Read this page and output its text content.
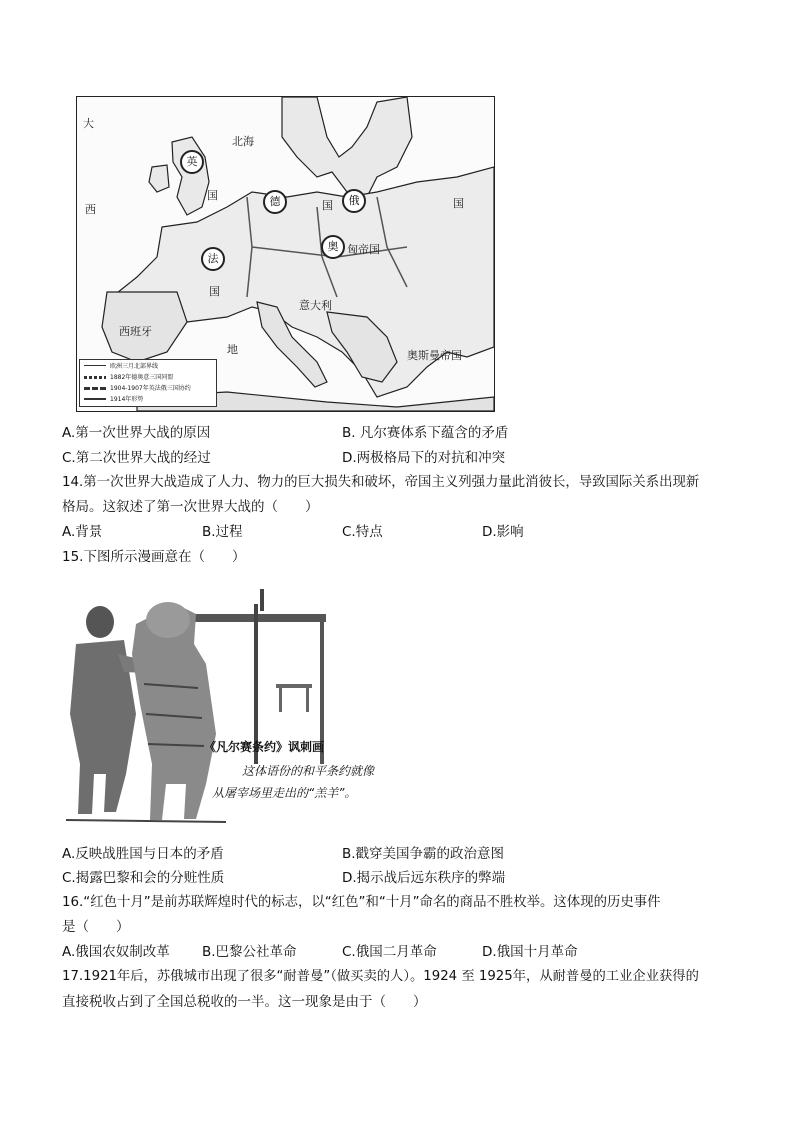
大
西
北海
英
国	德	国	俄	国
奥 匈帝国
法
国
西班牙
意大利
奥斯曼帝国
地
欧洲三月北部界线
1882年德奥意三国同盟
1904-1907年英法俄三国协约
1914年形势
A.第一次世界大战的原因	B. 凡尔赛体系下蕴含的矛盾
C.第二次世界大战的经过	D.两极格局下的对抗和冲突
14.第一次世界大战造成了人力、物力的巨大损失和破坏，帝国主义列强力量此消彼长，导致国际关系出现新
格局。这叙述了第一次世界大战的（　　）
A.背景	B.过程	C.特点	D.影响
15.下图所示漫画意在（　　）
《凡尔赛条约》讽刺画
这体语份的和平条约就像
从屠宰场里走出的“羔羊”。
A.反映战胜国与日本的矛盾	B.戳穿美国争霸的政治意图
C.揭露巴黎和会的分赃性质	D.揭示战后远东秩序的弊端
16.“红色十月”是前苏联辉煌时代的标志，以“红色”和“十月”命名的商品不胜枚举。这体现的历史事件
是（　　）
A.俄国农奴制改革 B.巴黎公社革命	C.俄国二月革命	D.俄国十月革命
17.1921年后，苏俄城市出现了很多“耐普曼”（做买卖的人）。1924 至 1925年，从耐普曼的工业企业获得的
直接税收占到了全国总税收的一半。这一现象是由于（　　）
